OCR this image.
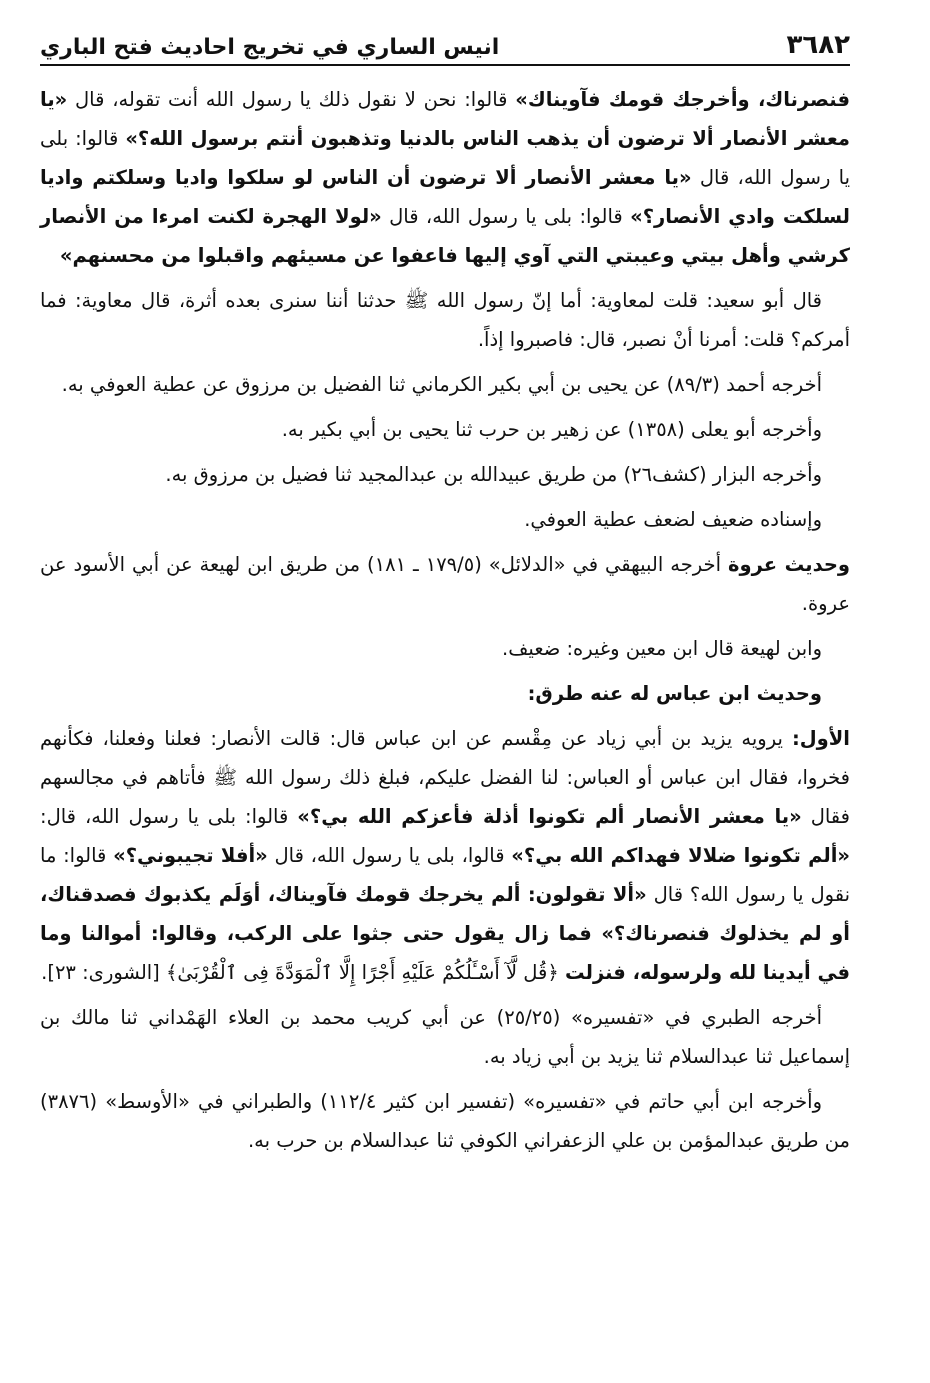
٣٦٨٢
انيس الساري في تخريج احاديث فتح الباري

فنصرناك، وأخرجك قومك فآويناك» قالوا: نحن لا نقول ذلك يا رسول الله أنت تقوله، قال «يا معشر الأنصار ألا ترضون أن يذهب الناس بالدنيا وتذهبون أنتم برسول الله؟» قالوا: بلى يا رسول الله، قال «يا معشر الأنصار ألا ترضون أن الناس لو سلكوا واديا وسلكتم واديا لسلكت وادي الأنصار؟» قالوا: بلى يا رسول الله، قال «لولا الهجرة لكنت امرءا من الأنصار كرشي وأهل بيتي وعيبتي التي آوي إليها فاعفوا عن مسيئهم واقبلوا من محسنهم»

قال أبو سعيد: قلت لمعاوية: أما إنّ رسول الله ﷺ حدثنا أننا سنرى بعده أثرة، قال معاوية: فما أمركم؟ قلت: أمرنا أنْ نصبر، قال: فاصبروا إذاً.

أخرجه أحمد (٨٩/٣) عن يحيى بن أبي بكير الكرماني ثنا الفضيل بن مرزوق عن عطية العوفي به.

وأخرجه أبو يعلى (١٣٥٨) عن زهير بن حرب ثنا يحيى بن أبي بكير به.

وأخرجه البزار (كشف٢٦) من طريق عبيدالله بن عبدالمجيد ثنا فضيل بن مرزوق به.

وإسناده ضعيف لضعف عطية العوفي.

وحديث عروة أخرجه البيهقي في «الدلائل» (١٧٩/٥ ـ ١٨١) من طريق ابن لهيعة عن أبي الأسود عن عروة.

وابن لهيعة قال ابن معين وغيره: ضعيف.

وحديث ابن عباس له عنه طرق:

الأول: يرويه يزيد بن أبي زياد عن مِقْسم عن ابن عباس قال: قالت الأنصار: فعلنا وفعلنا، فكأنهم فخروا، فقال ابن عباس أو العباس: لنا الفضل عليكم، فبلغ ذلك رسول الله ﷺ فأتاهم في مجالسهم فقال «يا معشر الأنصار ألم تكونوا أذلة فأعزكم الله بي؟» قالوا: بلى يا رسول الله، قال: «ألم تكونوا ضلالا فهداكم الله بي؟» قالوا، بلى يا رسول الله، قال «أفلا تجيبوني؟» قالوا: ما نقول يا رسول الله؟ قال «ألا تقولون: ألم يخرجك قومك فآويناك، أوَلَم يكذبوك فصدقناك، أو لم يخذلوك فنصرناك؟» فما زال يقول حتى جثوا على الركب، وقالوا: أموالنا وما في أيدينا لله ولرسوله، فنزلت ﴿قُل لَّآ أَسْـَٔلُكُمْ عَلَيْهِ أَجْرًا إِلَّا ٱلْمَوَدَّةَ فِى ٱلْقُرْبَىٰ﴾ [الشورى: ٢٣].

أخرجه الطبري في «تفسيره» (٢٥/٢٥) عن أبي كريب محمد بن العلاء الهَمْداني ثنا مالك بن إسماعيل ثنا عبدالسلام ثنا يزيد بن أبي زياد به.

وأخرجه ابن أبي حاتم في «تفسيره» (تفسير ابن كثير ١١٢/٤) والطبراني في «الأوسط» (٣٨٧٦) من طريق عبدالمؤمن بن علي الزعفراني الكوفي ثنا عبدالسلام بن حرب به.
